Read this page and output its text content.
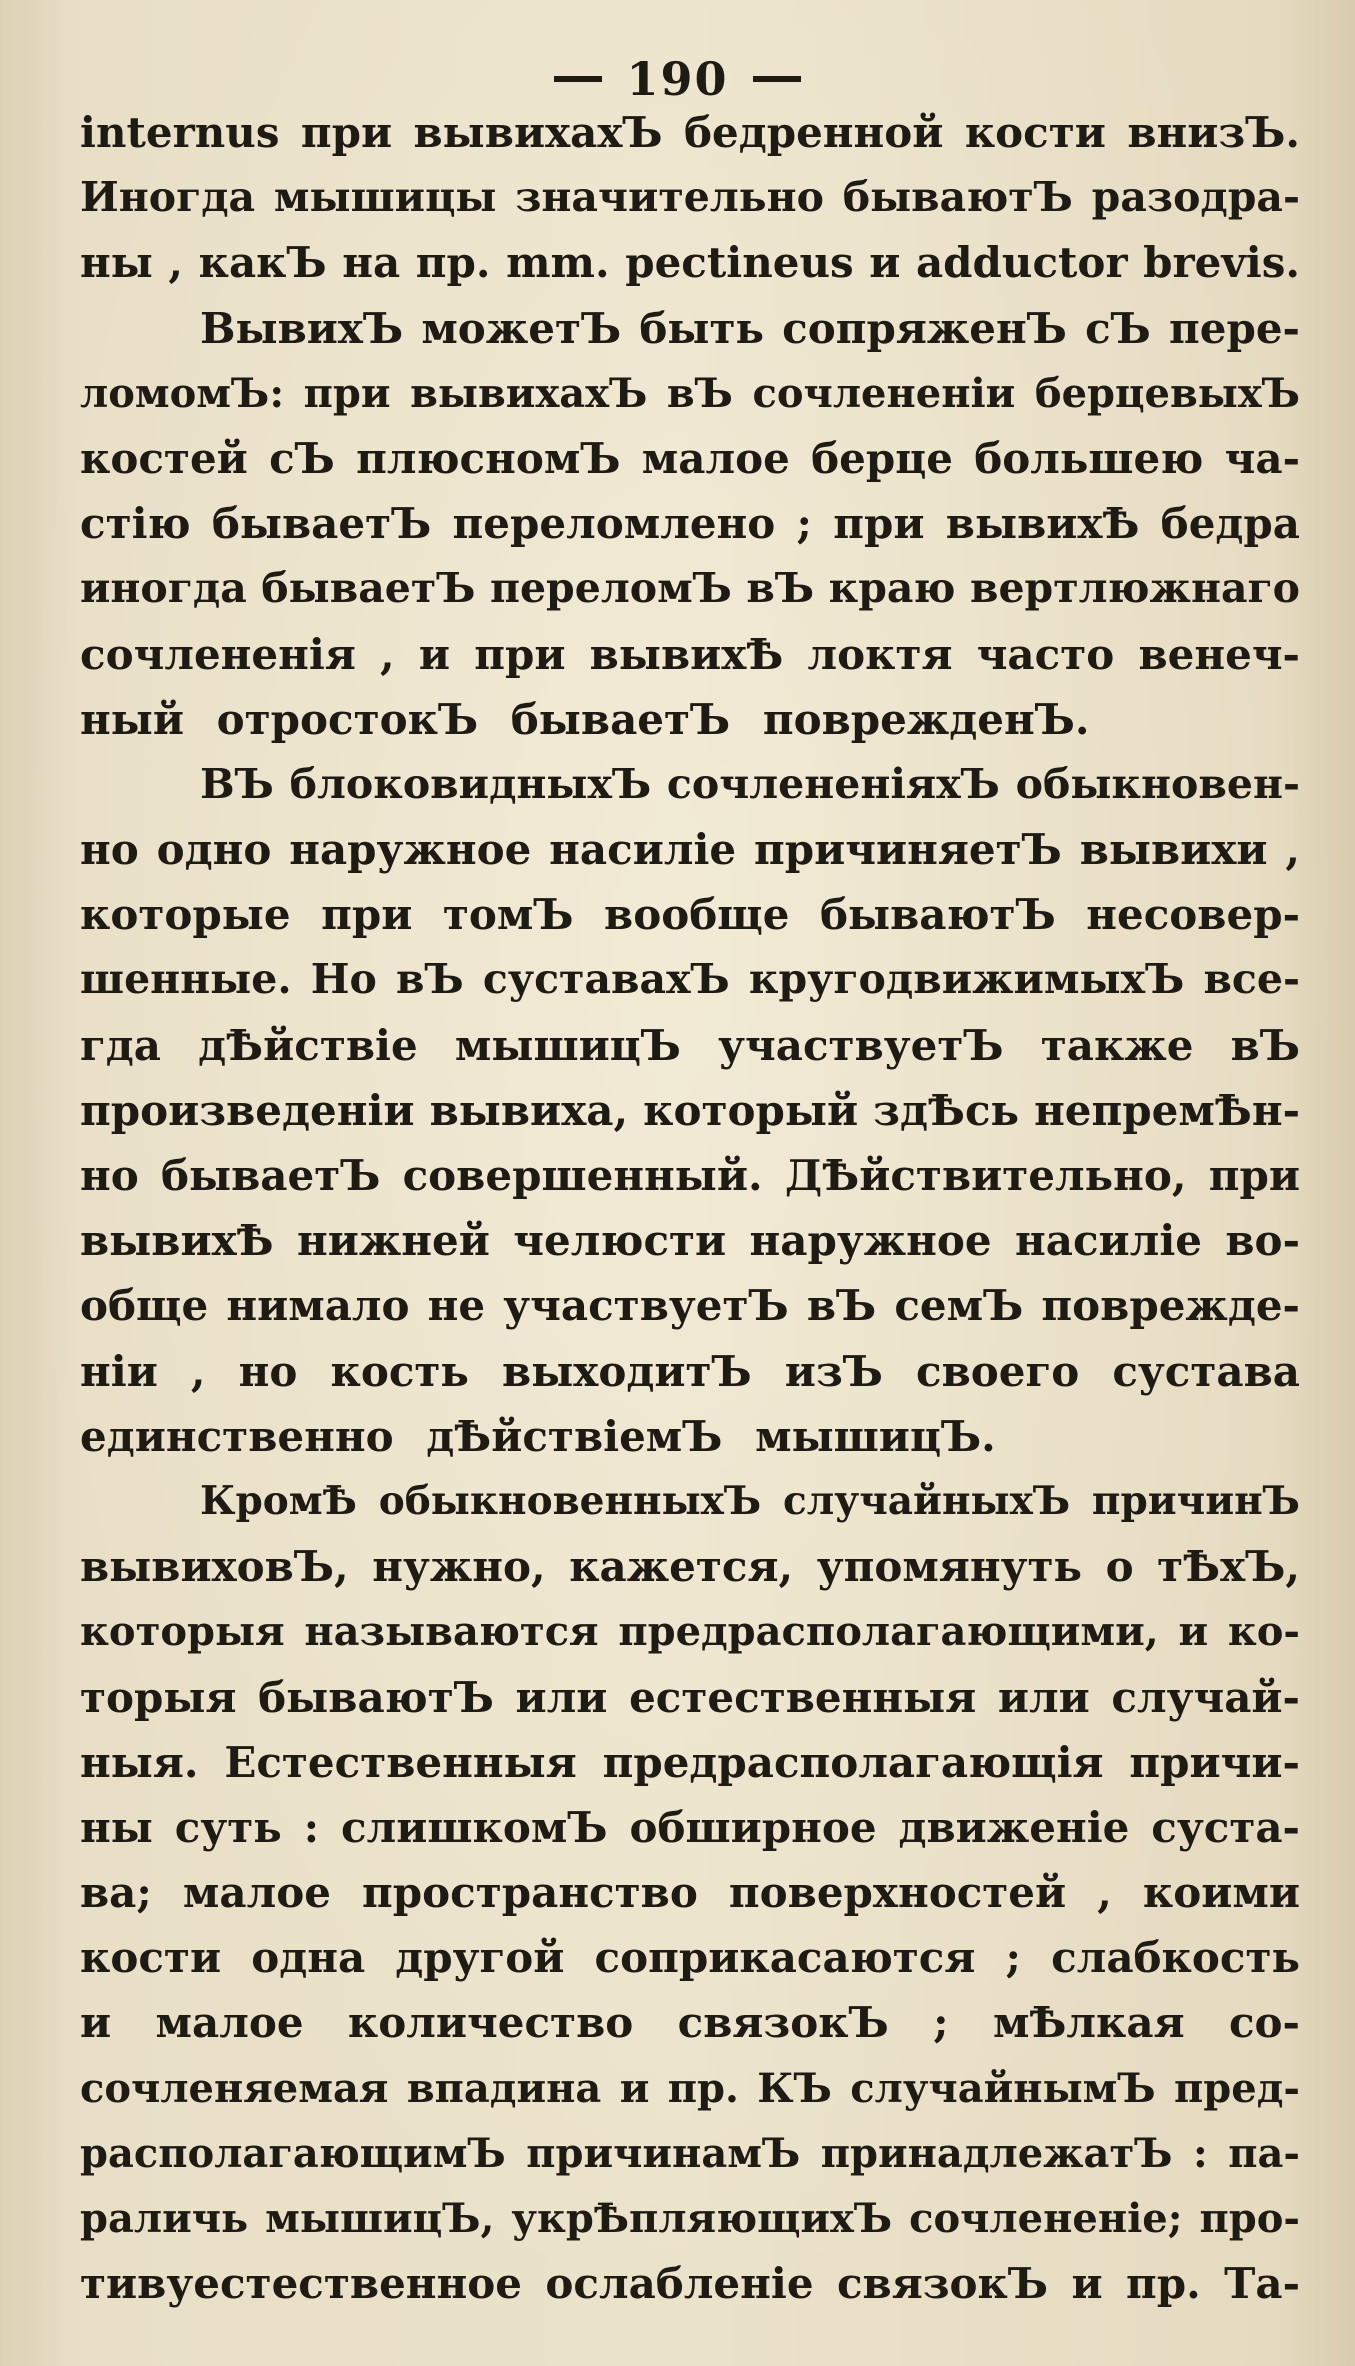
190
internus при вывихахЪ бедренной кости внизЪ.
Иногда мышицы значительно бываютЪ разодра-
ны , какЪ на пр. mm. pectineus и adductor brevis.
ВывихЪ можетЪ быть сопряженЪ сЪ пере-
ломомЪ: при вывихахЪ вЪ сочлененіи берцевыхЪ
костей сЪ плюсномЪ малое берце большею ча-
стію бываетЪ переломлено ; при вывихѢ бедра
иногда бываетЪ переломЪ вЪ краю вертлюжнаго
сочлененія , и при вывихѢ локтя часто венеч-
ный отростокЪ бываетЪ поврежденЪ.
ВЪ блоковидныхЪ сочлененіяхЪ обыкновен-
но одно наружное насиліе причиняетЪ вывихи ,
которые при томЪ вообще бываютЪ несовер-
шенные. Но вЪ суставахЪ кругодвижимыхЪ все-
гда дѢйствіе мышицЪ участвуетЪ также вЪ
произведеніи вывиха, который здѢсь непремѢн-
но бываетЪ совершенный. ДѢйствительно, при
вывихѢ нижней челюсти наружное насиліе во-
обще нимало не участвуетЪ вЪ семЪ поврежде-
ніи , но кость выходитЪ изЪ своего сустава
единственно дѢйствіемЪ мышицЪ.
КромѢ обыкновенныхЪ случайныхЪ причинЪ
вывиховЪ, нужно, кажется, упомянуть о тѢхЪ,
которыя называются предрасполагающими, и ко-
торыя бываютЪ или естественныя или случай-
ныя. Естественныя предрасполагающія причи-
ны суть : слишкомЪ обширное движеніе суста-
ва; малое пространство поверхностей , коими
кости одна другой соприкасаются ; слабкость
и малое количество связокЪ ; мѢлкая со-
сочленяемая впадина и пр. КЪ случайнымЪ пред-
располагающимЪ причинамЪ принадлежатЪ : па-
раличь мышицЪ, укрѢпляющихЪ сочлененіе; про-
тивуестественное ослабленіе связокЪ и пр. Та-
